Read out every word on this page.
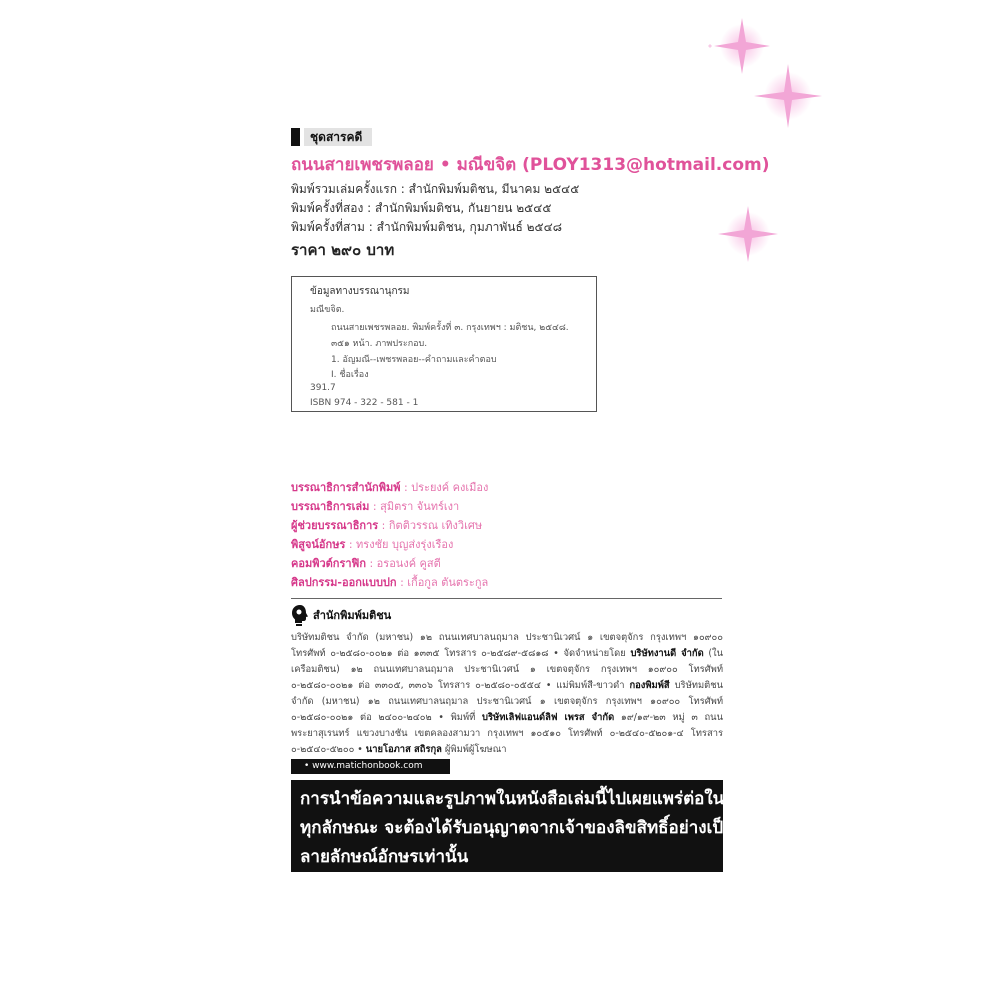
ชุดสารคดี
ถนนสายเพชรพลอย • มณีขจิต (PLOY1313@hotmail.com)
พิมพ์รวมเล่มครั้งแรก : สำนักพิมพ์มติชน, มีนาคม ๒๕๔๕
พิมพ์ครั้งที่สอง : สำนักพิมพ์มติชน, กันยายน ๒๕๔๕
พิมพ์ครั้งที่สาม : สำนักพิมพ์มติชน, กุมภาพันธ์ ๒๕๔๘
ราคา ๒๙๐ บาท
ข้อมูลทางบรรณานุกรม
มณีขจิต.
ถนนสายเพชรพลอย. พิมพ์ครั้งที่ ๓. กรุงเทพฯ : มติชน, ๒๕๔๘.
๓๕๑ หน้า. ภาพประกอบ.
1. อัญมณี--เพชรพลอย--คำถามและคำตอบ
I. ชื่อเรื่อง
391.7
ISBN 974 - 322 - 581 - 1
บรรณาธิการสำนักพิมพ์ : ประยงค์ คงเมือง
บรรณาธิการเล่ม : สุมิตรา จันทร์เงา
ผู้ช่วยบรรณาธิการ : กิตติวรรณ เทิงวิเศษ
พิสูจน์อักษร : ทรงชัย บุญส่งรุ่งเรือง
คอมพิวต์กราฟิก : อรอนงค์ คูสตี
ศิลปกรรม-ออกแบบปก : เกื้อกูล ตันตระกูล
สำนักพิมพ์มติชน
บริษัทมติชน จำกัด (มหาชน) ๑๒ ถนนเทศบาลนฤมาล ประชานิเวศน์ ๑ เขตจตุจักร กรุงเทพฯ ๑๐๙๐๐ โทรศัพท์ ๐-๒๕๘๐-๐๐๒๑ ต่อ ๑๓๓๕ โทรสาร ๐-๒๕๘๙-๕๘๑๘ • จัดจำหน่ายโดย บริษัทงานดี จำกัด (ในเครือมติชน) ๑๒ ถนนเทศบาลนฤมาล ประชานิเวศน์ ๑ เขตจตุจักร กรุงเทพฯ ๑๐๙๐๐ โทรศัพท์ ๐-๒๕๘๐-๐๐๒๑ ต่อ ๓๓๐๕, ๓๓๐๖ โทรสาร ๐-๒๕๘๐-๐๕๕๔ • แม่พิมพ์สี-ขาวดำ กองพิมพ์สี บริษัทมติชน จำกัด (มหาชน) ๑๒ ถนนเทศบาลนฤมาล ประชานิเวศน์ ๑ เขตจตุจักร กรุงเทพฯ ๑๐๙๐๐ โทรศัพท์ ๐-๒๕๘๐-๐๐๒๑ ต่อ ๒๔๐๐-๒๔๐๒ • พิมพ์ที่ บริษัทเลิฟแอนด์ลิฟ เพรส จำกัด ๑๙/๑๙-๒๓ หมู่ ๓ ถนนพระยาสุเรนทร์ แขวงบางชัน เขตคลองสามวา กรุงเทพฯ ๑๐๕๑๐ โทรศัพท์ ๐-๒๕๔๐-๕๒๐๑-๔ โทรสาร ๐-๒๕๔๐-๕๒๐๐ • นายโอภาส สถิรกุล ผู้พิมพ์ผู้โฆษณา
• www.matichonbook.com
การนำข้อความและรูปภาพในหนังสือเล่มนี้ไปเผยแพร่ต่อใน
ทุกลักษณะ จะต้องได้รับอนุญาตจากเจ้าของลิขสิทธิ์อย่างเป็น
ลายลักษณ์อักษรเท่านั้น
